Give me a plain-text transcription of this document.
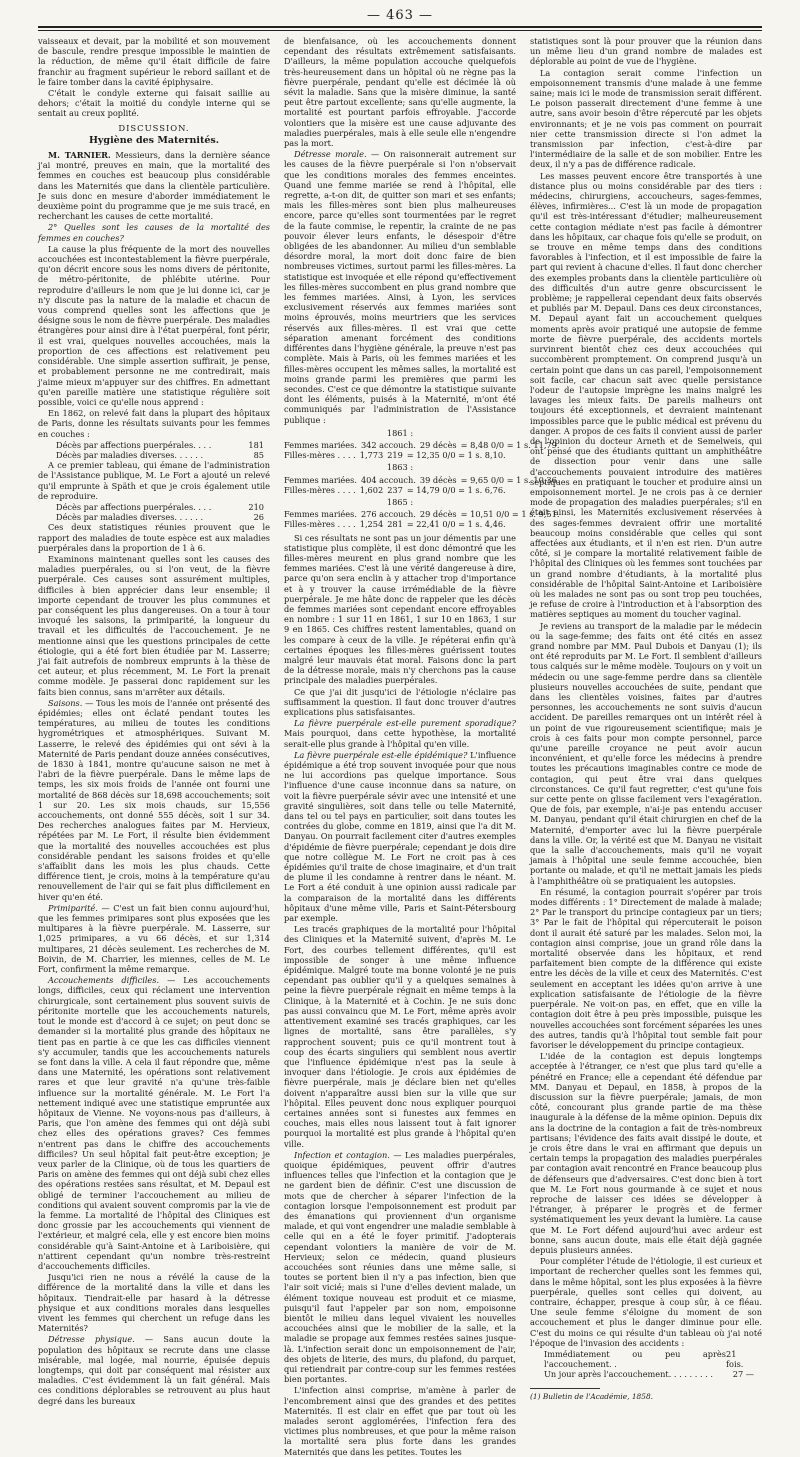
— 463 —

vaisseaux et devait, par la mobilité et son mouvement de bascule, rendre presque impossible le maintien de la réduction, de même qu'il était difficile de faire franchir au fragment supérieur le rebord saillant et de le faire tomber dans la cavité épiphysaire.

C'était le condyle externe qui faisait saillie au dehors; c'était la moitié du condyle interne qui se sentait au creux poplité.

DISCUSSION.
Hygiène des Maternités.

M. TARNIER. Messieurs, dans la dernière séance j'ai montré, preuves en main, que la mortalité des femmes en couches est beaucoup plus considérable dans les Maternités que dans la clientèle particulière. Je suis donc en mesure d'aborder immédiatement le deuxième point du programme que je me suis tracé, en recherchant les causes de cette mortalité.

2° Quelles sont les causes de la mortalité des femmes en couches?

La cause la plus fréquente de la mort des nouvelles accouchées est incontestablement la fièvre puerpérale, qu'on décrit encore sous les noms divers de péritonite, de métro-péritonite, de phlébite utérine. Pour reproduire d'ailleurs le nom que je lui donne ici, car je n'y discute pas la nature de la maladie et chacun de vous comprend quelles sont les affections que je désigne sous le nom de fièvre puerpérale. Des maladies étrangères pour ainsi dire à l'état puerpéral, font périr, il est vrai, quelques nouvelles accouchées, mais la proportion de ces affections est relativement peu considérable. Une simple assertion suffirait, je pense, et probablement personne ne me contredirait, mais j'aime mieux m'appuyer sur des chiffres. En admettant qu'en pareille matière une statistique régulière soit possible, voici ce qu'elle nous apprend :

En 1862, on relevé fait dans la plupart des hôpitaux de Paris, donne les résultats suivants pour les femmes en couches :

Décès par affections puerpérales. . . .	181
Décès par maladies diverses. . . . . .	85

A ce premier tableau, qui émane de l'administration de l'Assistance publique, M. Le Fort a ajouté un relevé qu'il emprunte à Späth et que je crois également utile de reproduire.

Décès par affections puerpérales. . . .	210
Décès par maladies diverses. . . . . .	26

Ces deux statistiques réunies prouvent que le rapport des maladies de toute espèce est aux maladies puerpérales dans la proportion de 1 à 6.

Examinons maintenant quelles sont les causes des maladies puerpérales, ou si l'on veut, de la fièvre puerpérale. Ces causes sont assurément multiples, difficiles à bien apprécier dans leur ensemble; il importe cependant de trouver les plus communes et par conséquent les plus dangereuses. On a tour à tour invoqué les saisons, la primiparité, la longueur du travail et les difficultés de l'accouchement. Je ne mentionne ainsi que les questions principales de cette étiologie, qui a été fort bien étudiée par M. Lasserre; j'ai fait autrefois de nombreux emprunts à la thèse de cet auteur, et plus récemment, M. Le Fort la prenait comme modèle. Je passerai donc rapidement sur les faits bien connus, sans m'arrêter aux détails.

Saisons. — Tous les mois de l'année ont présenté des épidémies; elles ont éclaté pendant toutes les températures, au milieu de toutes les conditions hygrométriques et atmosphériques. Suivant M. Lasserre, le relevé des épidémies qui ont sévi à la Maternité de Paris pendant douze années consécutives, de 1830 à 1841, montre qu'aucune saison ne met à l'abri de la fièvre puerpérale. Dans le même laps de temps, les six mois froids de l'année ont fourni une mortalité de 868 décès sur 18,698 accouchements; soit 1 sur 20. Les six mois chauds, sur 15,556 accouchements, ont donné 555 décès, soit 1 sur 34. Des recherches analogues faites par M. Hervieux, répétées par M. Le Fort, il résulte bien évidemment que la mortalité des nouvelles accouchées est plus considérable pendant les saisons froides et qu'elle s'affaiblit dans les mois les plus chauds. Cette différence tient, je crois, moins à la température qu'au renouvellement de l'air qui se fait plus difficilement en hiver qu'en été.

Primiparité. — C'est un fait bien connu aujourd'hui, que les femmes primipares sont plus exposées que les multipares à la fièvre puerpérale. M. Lasserre, sur 1,025 primipares, a vu 66 décès, et sur 1,314 multipares, 21 décès seulement. Les recherches de M. Boivin, de M. Charrier, les miennes, celles de M. Le Fort, confirment la même remarque.

Accouchements difficiles. — Les accouchements longs, difficiles, ceux qui réclament une intervention chirurgicale, sont certainement plus souvent suivis de péritonite mortelle que les accouchements naturels, tout le monde est d'accord à ce sujet; on peut donc se demander si la mortalité plus grande des hôpitaux ne tient pas en partie à ce que les cas difficiles viennent s'y accumuler, tandis que les accouchements naturels se font dans la ville. A cela il faut répondre que, même dans une Maternité, les opérations sont relativement rares et que leur gravité n'a qu'une très-faible influence sur la mortalité générale. M. Le Fort l'a nettement indiqué avec une statistique empruntée aux hôpitaux de Vienne. Ne voyons-nous pas d'ailleurs, à Paris, que l'on amène des femmes qui ont déjà subi chez elles des opérations graves? Ces femmes n'entrent pas dans le chiffre des accouchements difficiles? Un seul hôpital fait peut-être exception; je veux parler de la Clinique, où de tous les quartiers de Paris on amène des femmes qui ont déjà subi chez elles des opérations restées sans résultat, et M. Depaul est obligé de terminer l'accouchement au milieu de conditions qui avaient souvent compromis par la vie de la femme. La mortalité de l'hôpital des Cliniques est donc grossie par les accouchements qui viennent de l'extérieur, et malgré cela, elle y est encore bien moins considérable qu'à Saint-Antoine et à Lariboisière, qui n'attirent cependant qu'un nombre très-restreint d'accouchements difficiles.

Jusqu'ici rien ne nous a révélé la cause de la différence de la mortalité dans la ville et dans les hôpitaux. Tiendrait-elle par hasard à la détresse physique et aux conditions morales dans lesquelles vivent les femmes qui cherchent un refuge dans les Maternités?

Détresse physique. — Sans aucun doute la population des hôpitaux se recrute dans une classe misérable, mal logée, mal nourrie, épuisée depuis longtemps, qui doit par conséquent mal résister aux maladies. C'est évidemment là un fait général. Mais ces conditions déplorables se retrouvent au plus haut degré dans les bureaux

de bienfaisance, où les accouchements donnent cependant des résultats extrêmement satisfaisants. D'ailleurs, la même population accouche quelquefois très-heureusement dans un hôpital où ne règne pas la fièvre puerpérale, pendant qu'elle est décimée là où sévit la maladie. Sans que la misère diminue, la santé peut être partout excellente; sans qu'elle augmente, la mortalité est pourtant parfois effroyable. J'accorde volontiers que la misère est une cause adjuvante des maladies puerpérales, mais à elle seule elle n'engendre pas la mort.

Détresse morale. — On raisonnerait autrement sur les causes de la fièvre puerpérale si l'on n'observait que les conditions morales des femmes enceintes. Quand une femme mariée se rend à l'hôpital, elle regrette, a-t-on dit, de quitter son mari et ses enfants; mais les filles-mères sont bien plus malheureuses encore, parce qu'elles sont tourmentées par le regret de la faute commise, le repentir, la crainte de ne pas pouvoir élever leurs enfants, le désespoir d'être obligées de les abandonner. Au milieu d'un semblable désordre moral, la mort doit donc faire de bien nombreuses victimes, surtout parmi les filles-mères. La statistique est invoquée et elle répond qu'effectivement les filles-mères succombent en plus grand nombre que les femmes mariées. Ainsi, à Lyon, les services exclusivement réservés aux femmes mariées sont moins éprouvés, moins meurtriers que les services réservés aux filles-mères. Il est vrai que cette séparation amenant forcément des conditions différentes dans l'hygiène générale, la preuve n'est pas complète. Mais à Paris, où les femmes mariées et les filles-mères occupent les mêmes salles, la mortalité est moins grande parmi les premières que parmi les secondes. C'est ce que démontre la statistique suivante dont les éléments, puisés à la Maternité, m'ont été communiqués par l'administration de l'Assistance publique :

1861 :
Femmes mariées. 342 accouch. 29 décès = 8,48 0/0 = 1 s. 11,79.
Filles-mères . . . . 1,773 219 = 12,35 0/0 = 1 s. 8,10.
1863 :
Femmes mariées. 404 accouch. 39 décès = 9,65 0/0 = 1 s. 10,36.
Filles-mères . . . . 1,602 237 = 14,79 0/0 = 1 s. 6,76.
1865 :
Femmes mariées. 276 accouch. 29 décès = 10,51 0/0 = 1 s. 9,51.
Filles-mères . . . . 1,254 281 = 22,41 0/0 = 1 s. 4,46.

Si ces résultats ne sont pas un jour démentis par une statistique plus complète, il est donc démontré que les filles-mères meurent en plus grand nombre que les femmes mariées. C'est là une vérité dangereuse à dire, parce qu'on sera enclin à y attacher trop d'importance et à y trouver la cause irrémédiable de la fièvre puerpérale. Je me hâte donc de rappeler que les décès de femmes mariées sont cependant encore effroyables en nombre : 1 sur 11 en 1861, 1 sur 10 en 1863, 1 sur 9 en 1865. Ces chiffres restent lamentables, quand on les compare à ceux de la ville. Je répéterai enfin qu'à certaines époques les filles-mères guérissent toutes malgré leur mauvais état moral. Faisons donc la part de la détresse morale, mais n'y cherchons pas la cause principale des maladies puerpérales.

Ce que j'ai dit jusqu'ici de l'étiologie n'éclaire pas suffisamment la question. Il faut donc trouver d'autres explications plus satisfaisantes.

La fièvre puerpérale est-elle purement sporadique? Mais pourquoi, dans cette hypothèse, la mortalité serait-elle plus grande à l'hôpital qu'en ville.

La fièvre puerpérale est-elle épidémique? L'influence épidémique a été trop souvent invoquée pour que nous ne lui accordions pas quelque importance. Sous l'influence d'une cause inconnue dans sa nature, on voit la fièvre puerpérale sévir avec une intensité et une gravité singulières, soit dans telle ou telle Maternité, dans tel ou tel pays en particulier, soit dans toutes les contrées du globe, comme en 1819, ainsi que l'a dit M. Danyau. On pourrait facilement citer d'autres exemples d'épidémie de fièvre puerpérale; cependant je dois dire que notre collègue M. Le Fort ne croit pas à ces épidémies qu'il traite de chose imaginaire, et d'un trait de plume il les condamne à rentrer dans le néant. M. Le Fort a été conduit à une opinion aussi radicale par la comparaison de la mortalité dans les différents hôpitaux d'une même ville, Paris et Saint-Pétersbourg par exemple.

Les tracés graphiques de la mortalité pour l'hôpital des Cliniques et la Maternité suivent, d'après M. Le Fort, des courbes tellement différentes, qu'il est impossible de songer à une même influence épidémique. Malgré toute ma bonne volonté je ne puis cependant pas oublier qu'il y a quelques semaines à peine la fièvre puerpérale régnait en même temps à la Clinique, à la Maternité et à Cochin. Je ne suis donc pas aussi convaincu que M. Le Fort, même après avoir attentivement examiné ses tracés graphiques, car les lignes de mortalité, sans être parallèles, s'y rapprochent souvent; puis ce qu'il montrent tout à coup des écarts singuliers qui semblent nous avertir que l'influence épidémique n'est pas la seule à invoquer dans l'étiologie. Je crois aux épidémies de fièvre puerpérale, mais je déclare bien net qu'elles doivent n'apparaître aussi bien sur la ville que sur l'hôpital. Elles peuvent donc nous expliquer pourquoi certaines années sont si funestes aux femmes en couches, mais elles nous laissent tout à fait ignorer pourquoi la mortalité est plus grande à l'hôpital qu'en ville.

Infection et contagion. — Les maladies puerpérales, quoique épidémiques, peuvent offrir d'autres influences telles que l'infection et la contagion que je ne gardent bien de définir. C'est une discussion de mots que de chercher à séparer l'infection de la contagion lorsque l'empoisonnement est produit par des émanations qui proviennent d'un organisme malade, et qui vont engendrer une maladie semblable à celle qui en a été le foyer primitif. J'adopterais cependant volontiers la manière de voir de M. Hervieux; selon ce médecin, quand plusieurs accouchées sont réunies dans une même salle, si toutes se portent bien il n'y a pas infection, bien que l'air soit vicié; mais si l'une d'elles devient malade, un élément toxique nouveau est produit et ce miasme, puisqu'il faut l'appeler par son nom, empoisonne bientôt le milieu dans lequel vivaient les nouvelles accouchées ainsi que le mobilier de la salle, et la maladie se propage aux femmes restées saines jusque-là. L'infection serait donc un empoisonnement de l'air, des objets de literie, des murs, du plafond, du parquet, qui retiendrait par contre-coup sur les femmes restées bien portantes.

L'infection ainsi comprise, m'amène à parler de l'encombrement ainsi que des grandes et des petites Maternités. Il est clair en effet que par tout où les malades seront agglomérées, l'infection fera des victimes plus nombreuses, et que pour la même raison la mortalité sera plus forte dans les grandes Maternités que dans les petites. Toutes les

statistiques sont là pour prouver que la réunion dans un même lieu d'un grand nombre de malades est déplorable au point de vue de l'hygiène.

La contagion serait comme l'infection un empoisonnement transmis d'une malade à une femme saine; mais ici le mode de transmission serait différent. Le poison passerait directement d'une femme à une autre, sans avoir besoin d'être répercuté par les objets environnants; et je ne vois pas comment on pourrait nier cette transmission directe si l'on admet la transmission par infection, c'est-à-dire par l'intermédiaire de la salle et de son mobilier. Entre les deux, il n'y a pas de différence radicale.

Les masses peuvent encore être transportés à une distance plus ou moins considérable par des tiers : médecins, chirurgiens, accoucheurs, sages-femmes, élèves, infirmières... C'est là un mode de propagation qu'il est très-intéressant d'étudier; malheureusement cette contagion médiate n'est pas facile à démontrer dans les hôpitaux, car chaque fois qu'elle se produit, on se trouve en même temps dans des conditions favorables à l'infection, et il est impossible de faire la part qui revient à chacune d'elles. Il faut donc chercher des exemples probants dans la clientèle particulière où des difficultés d'un autre genre obscurcissent le problème; je rappellerai cependant deux faits observés et publiés par M. Depaul. Dans ces deux circonstances, M. Depaul ayant fait un accouchement quelques moments après avoir pratiqué une autopsie de femme morte de fièvre puerpérale, des accidents mortels survinrent bientôt chez ces deux accouchées qui succombèrent promptement. On comprend jusqu'à un certain point que dans un cas pareil, l'empoisonnement soit facile, car chacun sait avec quelle persistance l'odeur de l'autopsie imprègne les mains malgré les lavages les mieux faits. De pareils malheurs ont toujours été exceptionnels, et devraient maintenant impossibles parce que le public médical est prévenu du danger. A propos de ces faits il convient aussi de parler de l'opinion du docteur Arneth et de Semelweis, qui ont pensé que des étudiants quittant un amphithéâtre de dissection pour venir dans une salle d'accouchements pouvaient introduire des matières septiques en pratiquant le toucher et produire ainsi un empoisonnement mortel. Je ne crois pas à ce dernier mode de propagation des maladies puerpérales; s'il en était ainsi, les Maternités exclusivement réservées à des sages-femmes devraient offrir une mortalité beaucoup moins considérable que celles qui sont affectées aux étudiants, et il n'en est rien. D'un autre côté, si je compare la mortalité relativement faible de l'hôpital des Cliniques où les femmes sont touchées par un grand nombre d'étudiants, à la mortalité plus considérable de l'hôpital Saint-Antoine et Lariboisière où les malades ne sont pas ou sont trop peu touchées, je refuse de croire à l'introduction et à l'absorption des matières septiques au moment du toucher vaginal.

Je reviens au transport de la maladie par le médecin ou la sage-femme; des faits ont été cités en assez grand nombre par MM. Paul Dubois et Danyau (1); ils ont été reproduits par M. Le Fort. Il semblent d'ailleurs tous calqués sur le même modèle. Toujours on y voit un médecin ou une sage-femme perdre dans sa clientèle plusieurs nouvelles accouchées de suite, pendant que dans les clientèles voisines, faites par d'autres personnes, les accouchements ne sont suivis d'aucun accident. De pareilles remarques ont un intérêt réel à un point de vue rigoureusement scientifique; mais je crois à ces faits pour mon compte personnel, parce qu'une pareille croyance ne peut avoir aucun inconvénient, et qu'elle force les médecins à prendre toutes les précautions imaginables contre ce mode de contagion, qui peut être vrai dans quelques circonstances. Ce qu'il faut regretter, c'est qu'une fois sur cette pente on glisse facilement vers l'exagération. Que de fois, par exemple, n'ai-je pas entendu accuser M. Danyau, pendant qu'il était chirurgien en chef de la Maternité, d'emporter avec lui la fièvre puerpérale dans la ville. Or, la vérité est que M. Danyau ne visitait que la salle d'accouchements, mais qu'il ne voyait jamais à l'hôpital une seule femme accouchée, bien portante ou malade, et qu'il ne mettait jamais les pieds à l'amphithéâtre où se pratiquaient les autopsies.

En résumé, la contagion pourrait s'opérer par trois modes différents : 1° Directement de malade à malade; 2° Par le transport du principe contagieux par un tiers; 3° Par le fait de l'hôpital qui répercuterait le poison dont il aurait été saturé par les malades. Selon moi, la contagion ainsi comprise, joue un grand rôle dans la mortalité observée dans les hôpitaux, et rend parfaitement bien compte de la différence qui existe entre les décès de la ville et ceux des Maternités. C'est seulement en acceptant les idées qu'on arrive à une explication satisfaisante de l'étiologie de la fièvre puerpérale. Ne voit-on pas, en effet, que en ville la contagion doit être à peu près impossible, puisque les nouvelles accouchées sont forcément séparées les unes des autres, tandis qu'à l'hôpital tout semble fait pour favoriser le développement du principe contagieux.

L'idée de la contagion est depuis longtemps acceptée à l'étranger, ce n'est que plus tard qu'elle a pénétré en France; elle a cependant été défendue par MM. Danyau et Depaul, en 1858, à propos de la discussion sur la fièvre puerpérale; jamais, de mon côté, concourant plus grande partie de ma thèse inaugurale à la défense de la même opinion. Depuis dix ans la doctrine de la contagion a fait de très-nombreux partisans; l'évidence des faits avait dissipé le doute, et je crois être dans le vrai en affirmant que depuis un certain temps la propagation des maladies puerpérales par contagion avait rencontré en France beaucoup plus de défenseurs que d'adversaires. C'est donc bien à tort que M. Le Fort nous gourmande à ce sujet et nous reproche de laisser ces idées se développer à l'étranger, à préparer le progrès et de fermer systématiquement les yeux devant la lumière. La cause que M. Le Fort défend aujourd'hui avec ardeur est bonne, sans aucun doute, mais elle était déjà gagnée depuis plusieurs années.

Pour compléter l'étude de l'étiologie, il est curieux et important de rechercher quelles sont les femmes qui, dans le même hôpital, sont les plus exposées à la fièvre puerpérale, quelles sont celles qui doivent, au contraire, échapper, presque à coup sûr, à ce fléau. Une seule femme s'éloigne du moment de son accouchement et plus le danger diminue pour elle. C'est du moins ce qui résulte d'un tableau où j'ai noté l'époque de l'invasion des accidents :

Immédiatement ou peu après l'accouchement. .
21 fois.
Un jour après l'accouchement. . . . . . . . . 27 —
(1) Bulletin de l'Académie, 1858.
